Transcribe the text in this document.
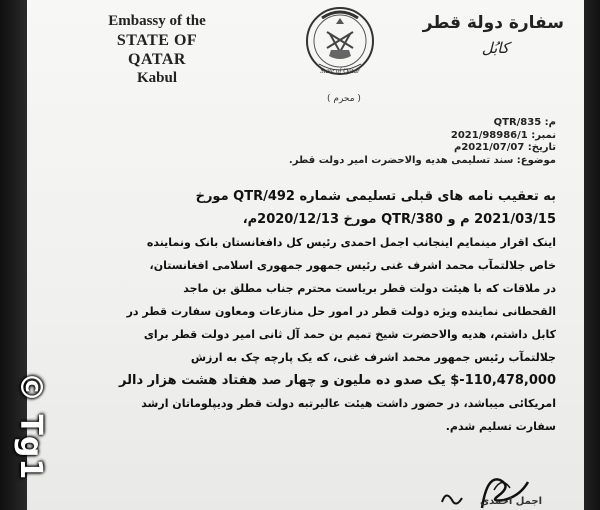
Embassy of the
STATE OF QATAR
Kabul	State of Qatar
سفارة دولة قطر
کابُل
( محرم )
م: QTR/835
نمبر: 2021/98986/1
تاریخ: 2021/07/07م
موضوع: سند تسلیمی هدیه والاحضرت امیر دولت قطر.
به تعقیب نامه های قبلی تسلیمی شماره QTR/492 مورخ
2021/03/15 م و QTR/380 مورخ 2020/12/13م،
اینک اقرار مینمایم اینجانب اجمل احمدی رئیس کل دافغانستان بانک ونماینده
خاص جلالتمآب محمد اشرف غنی رئیس جمهور جمهوری اسلامی افغانستان،
در ملاقات که با هیئت دولت قطر بریاست محترم جناب مطلق بن ماجد
القحطانی نماینده ویژه دولت قطر در امور حل منازعات ومعاون سفارت قطر در
کابل داشتم، هدیه والاحضرت شیخ تمیم بن حمد آل ثانی امیر دولت قطر برای
جلالتمآب رئیس جمهور محمد اشرف غنی، که یک پارچه چک به ارزش
110,478,000-$ یک صدو ده ملیون و چهار صد هفتاد هشت هزار دالر
امریکائی میباشد، در حضور داشت هیئت عالیرتبه دولت قطر ودیپلوماتان ارشد
سفارت تسلیم شدم.
اجمل احمدی
© Tg1
